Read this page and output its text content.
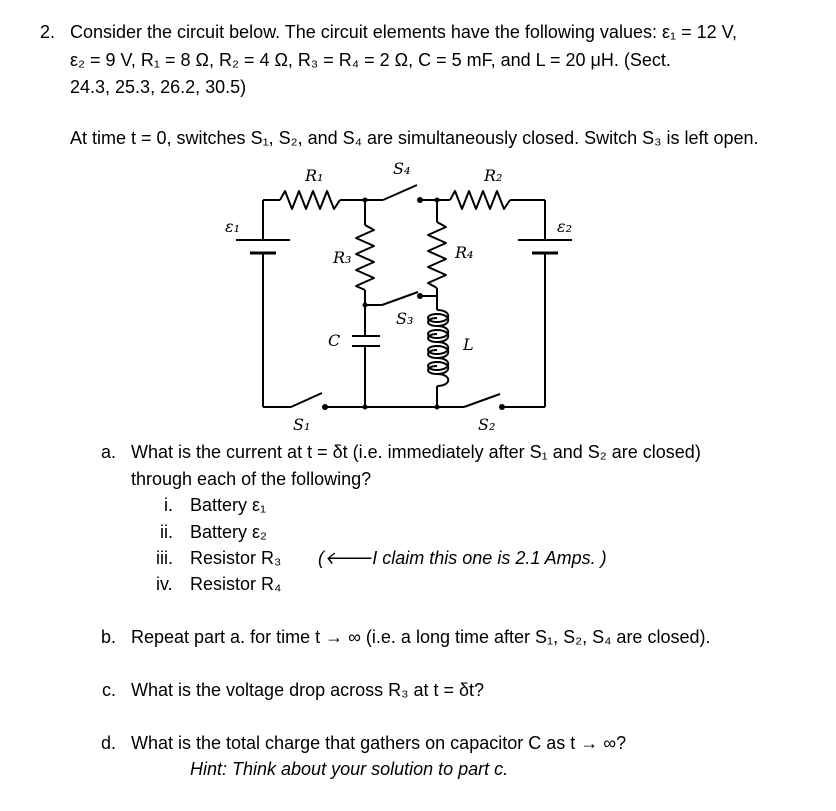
2. Consider the circuit below. The circuit elements have the following values: ε₁ = 12 V,
ε₂ = 9 V, R₁ = 8 Ω, R₂ = 4 Ω, R₃ = R₄ = 2 Ω, C = 5 mF, and L = 20 μH. (Sect.
24.3, 25.3, 26.2, 30.5)
At time t = 0, switches S₁, S₂, and S₄ are simultaneously closed. Switch S₃ is left open.
R₁	S₄	R₂
ε₁	ε₂
R₃	R₄
S₃
C	L
S₁	S₂
a. What is the current at t = δt (i.e. immediately after S₁ and S₂ are closed)
through each of the following?
i. Battery ε₁
ii. Battery ε₂
iii. Resistor R₃ (🡐I claim this one is 2.1 Amps. )
iv. Resistor R₄
b. Repeat part a. for time t → ∞ (i.e. a long time after S₁, S₂, S₄ are closed).
c. What is the voltage drop across R₃ at t = δt?
d. What is the total charge that gathers on capacitor C as t → ∞?
Hint: Think about your solution to part c.
